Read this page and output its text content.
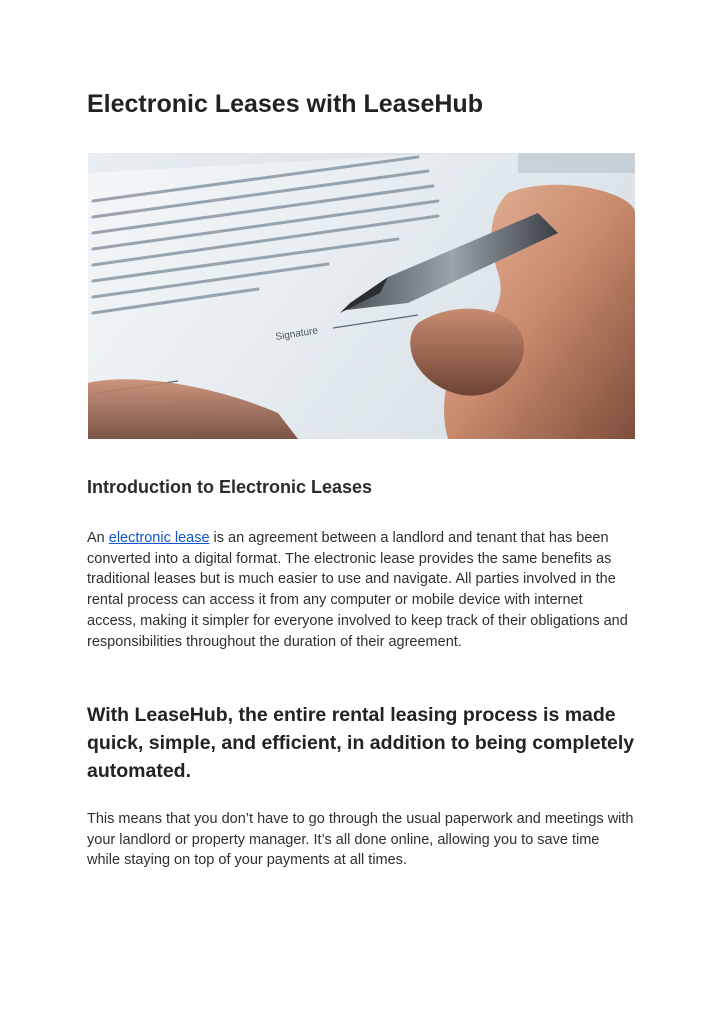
Electronic Leases with LeaseHub
Signature
Introduction to Electronic Leases

An electronic lease is an agreement between a landlord and tenant that has been converted into a digital format. The electronic lease provides the same benefits as traditional leases but is much easier to use and navigate. All parties involved in the rental process can access it from any computer or mobile device with internet access, making it simpler for everyone involved to keep track of their obligations and responsibilities throughout the duration of their agreement.

With LeaseHub, the entire rental leasing process is made quick, simple, and efficient, in addition to being completely automated.

This means that you don’t have to go through the usual paperwork and meetings with your landlord or property manager. It’s all done online, allowing you to save time while staying on top of your payments at all times.
